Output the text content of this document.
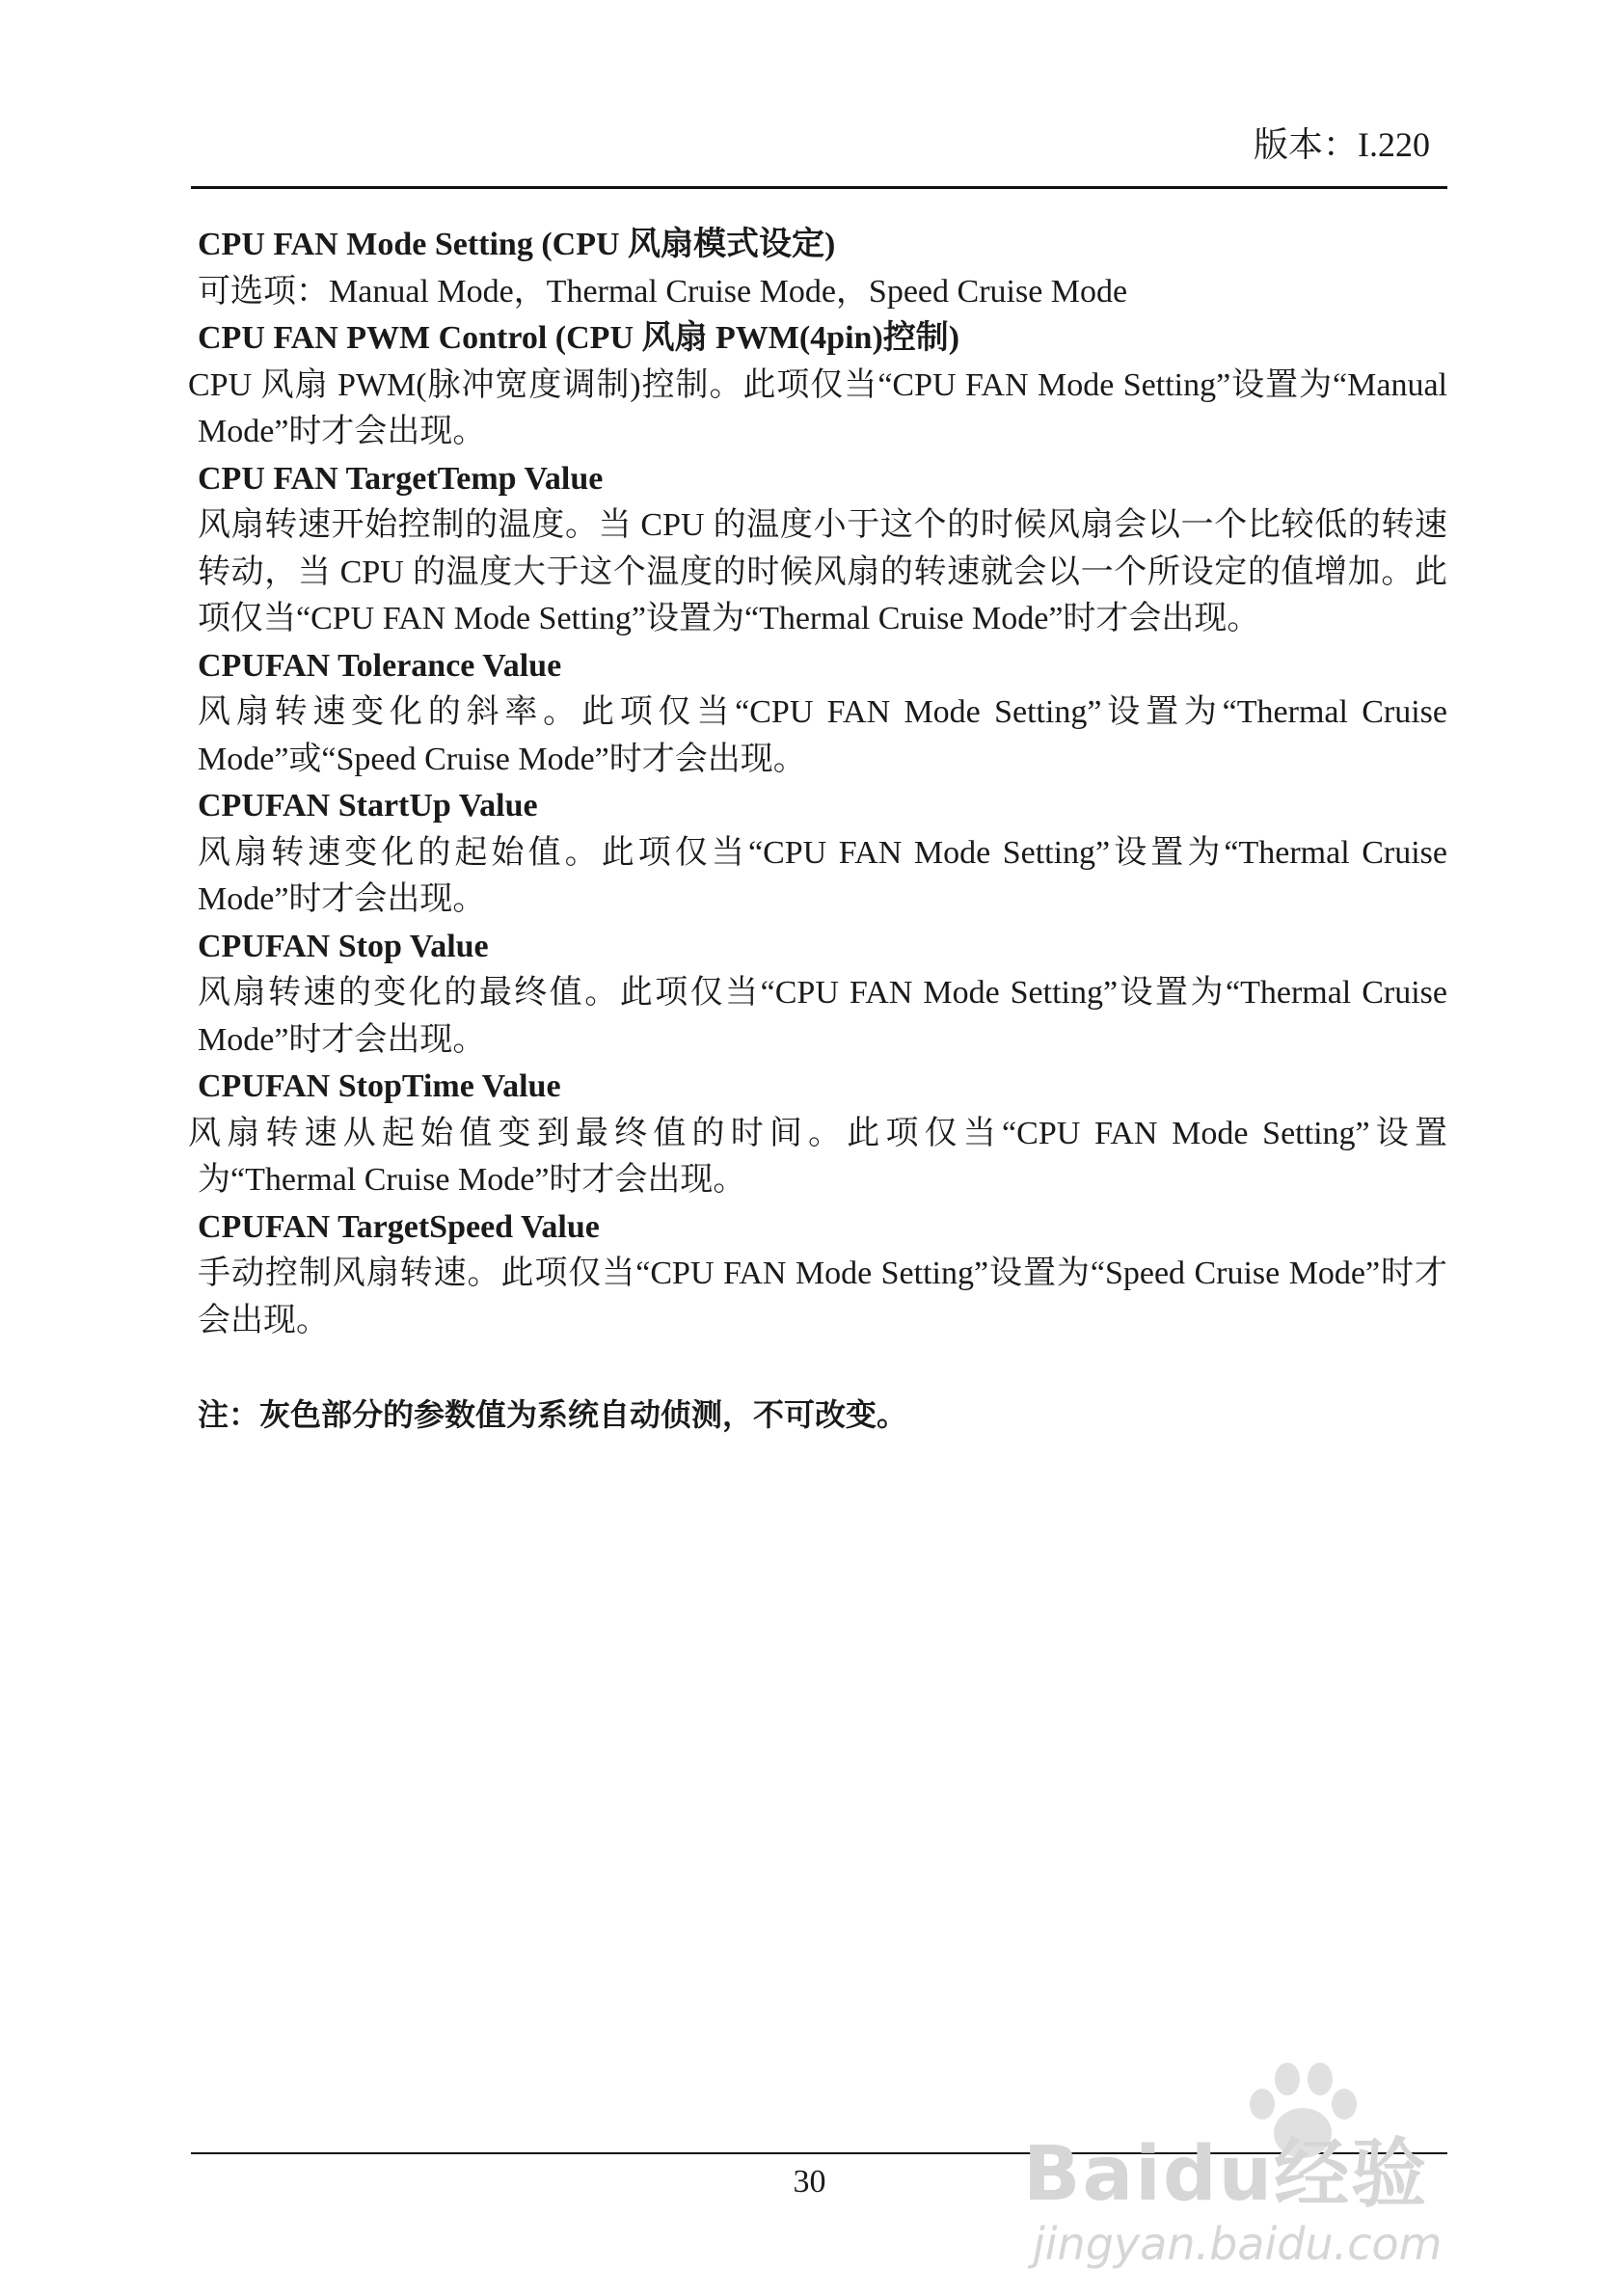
版本：I.220

CPU FAN Mode Setting (CPU 风扇模式设定)

可选项：Manual Mode，Thermal Cruise Mode，Speed Cruise Mode

CPU FAN PWM Control (CPU 风扇 PWM(4pin)控制)

CPU 风扇 PWM(脉冲宽度调制)控制。此项仅当“CPU FAN Mode Setting”设置为“Manual Mode”时才会出现。

CPU FAN TargetTemp Value

风扇转速开始控制的温度。当 CPU 的温度小于这个的时候风扇会以一个比较低的转速转动，当 CPU 的温度大于这个温度的时候风扇的转速就会以一个所设定的值增加。此项仅当“CPU FAN Mode Setting”设置为“Thermal Cruise Mode”时才会出现。

CPUFAN Tolerance Value

风扇转速变化的斜率。此项仅当“CPU FAN Mode Setting”设置为“Thermal Cruise Mode”或“Speed Cruise Mode”时才会出现。

CPUFAN StartUp Value

风扇转速变化的起始值。此项仅当“CPU FAN Mode Setting”设置为“Thermal Cruise Mode”时才会出现。

CPUFAN Stop Value

风扇转速的变化的最终值。此项仅当“CPU FAN Mode Setting”设置为“Thermal Cruise Mode”时才会出现。

CPUFAN StopTime Value

风扇转速从起始值变到最终值的时间。此项仅当“CPU FAN Mode Setting”设置为“Thermal Cruise Mode”时才会出现。

CPUFAN TargetSpeed Value

手动控制风扇转速。此项仅当“CPU FAN Mode Setting”设置为“Speed Cruise Mode”时才会出现。

注：灰色部分的参数值为系统自动侦测，不可改变。

30	Baidu经验
jingyan.baidu.com
